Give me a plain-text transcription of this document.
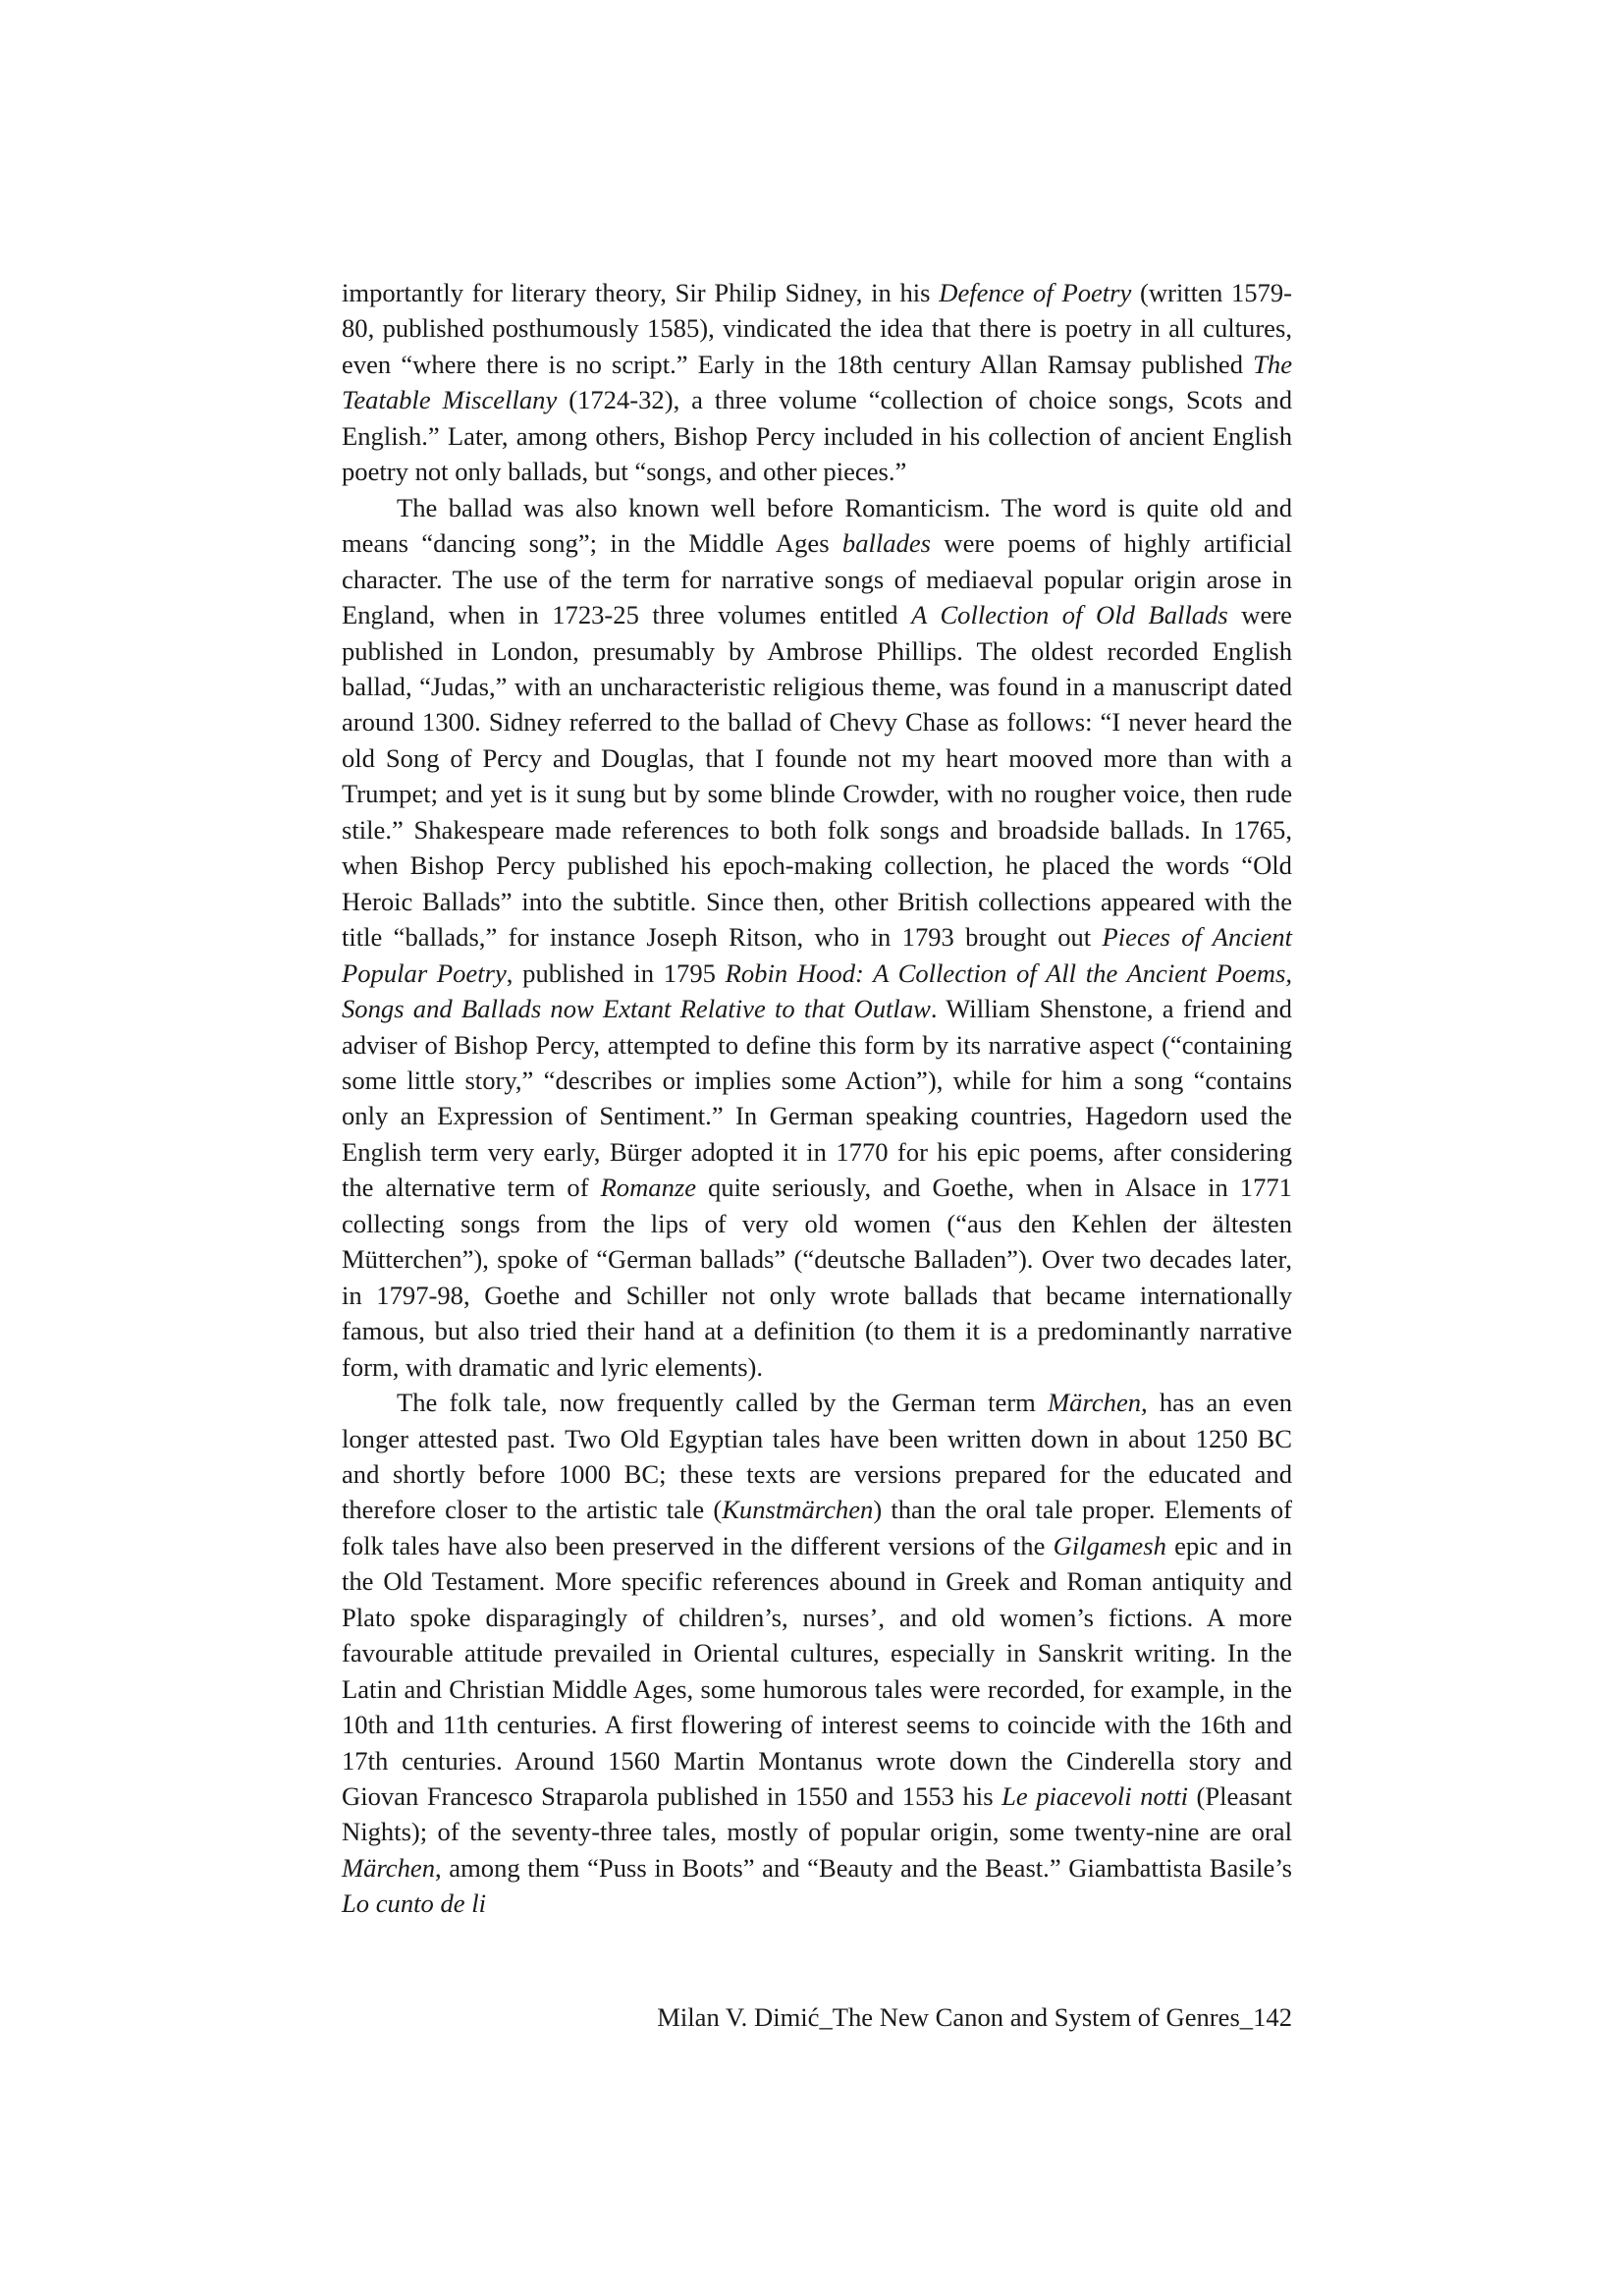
importantly for literary theory, Sir Philip Sidney, in his Defence of Poetry (written 1579-80, published posthumously 1585), vindicated the idea that there is poetry in all cultures, even “where there is no script.” Early in the 18th century Allan Ramsay published The Teatable Miscellany (1724-32), a three volume “collection of choice songs, Scots and English.” Later, among others, Bishop Percy included in his collection of ancient English poetry not only ballads, but “songs, and other pieces.”

The ballad was also known well before Romanticism. The word is quite old and means “dancing song”; in the Middle Ages ballades were poems of highly artificial character. The use of the term for narrative songs of mediaeval popular origin arose in England, when in 1723-25 three volumes entitled A Collection of Old Ballads were published in London, presumably by Ambrose Phillips. The oldest recorded English ballad, “Judas,” with an uncharacteristic religious theme, was found in a manuscript dated around 1300. Sidney referred to the ballad of Chevy Chase as follows: “I never heard the old Song of Percy and Douglas, that I founde not my heart mooved more than with a Trumpet; and yet is it sung but by some blinde Crowder, with no rougher voice, then rude stile.” Shakespeare made references to both folk songs and broadside ballads. In 1765, when Bishop Percy published his epoch-making collection, he placed the words “Old Heroic Ballads” into the subtitle. Since then, other British collections appeared with the title “ballads,” for instance Joseph Ritson, who in 1793 brought out Pieces of Ancient Popular Poetry, published in 1795 Robin Hood: A Collection of All the Ancient Poems, Songs and Ballads now Extant Relative to that Outlaw. William Shenstone, a friend and adviser of Bishop Percy, attempted to define this form by its narrative aspect (“containing some little story,” “describes or implies some Action”), while for him a song “contains only an Expression of Sentiment.” In German speaking countries, Hagedorn used the English term very early, Bürger adopted it in 1770 for his epic poems, after considering the alternative term of Romanze quite seriously, and Goethe, when in Alsace in 1771 collecting songs from the lips of very old women (“aus den Kehlen der ältesten Mütterchen”), spoke of “German ballads” (“deutsche Balladen”). Over two decades later, in 1797-98, Goethe and Schiller not only wrote ballads that became internationally famous, but also tried their hand at a definition (to them it is a predominantly narrative form, with dramatic and lyric elements).

The folk tale, now frequently called by the German term Märchen, has an even longer attested past. Two Old Egyptian tales have been written down in about 1250 BC and shortly before 1000 BC; these texts are versions prepared for the educated and therefore closer to the artistic tale (Kunstmärchen) than the oral tale proper. Elements of folk tales have also been preserved in the different versions of the Gilgamesh epic and in the Old Testament. More specific references abound in Greek and Roman antiquity and Plato spoke disparagingly of children’s, nurses’, and old women’s fictions. A more favourable attitude prevailed in Oriental cultures, especially in Sanskrit writing. In the Latin and Christian Middle Ages, some humorous tales were recorded, for example, in the 10th and 11th centuries. A first flowering of interest seems to coincide with the 16th and 17th centuries. Around 1560 Martin Montanus wrote down the Cinderella story and Giovan Francesco Straparola published in 1550 and 1553 his Le piacevoli notti (Pleasant Nights); of the seventy-three tales, mostly of popular origin, some twenty-nine are oral Märchen, among them “Puss in Boots” and “Beauty and the Beast.” Giambattista Basile’s Lo cunto de li

Milan V. Dimić_The New Canon and System of Genres_142
